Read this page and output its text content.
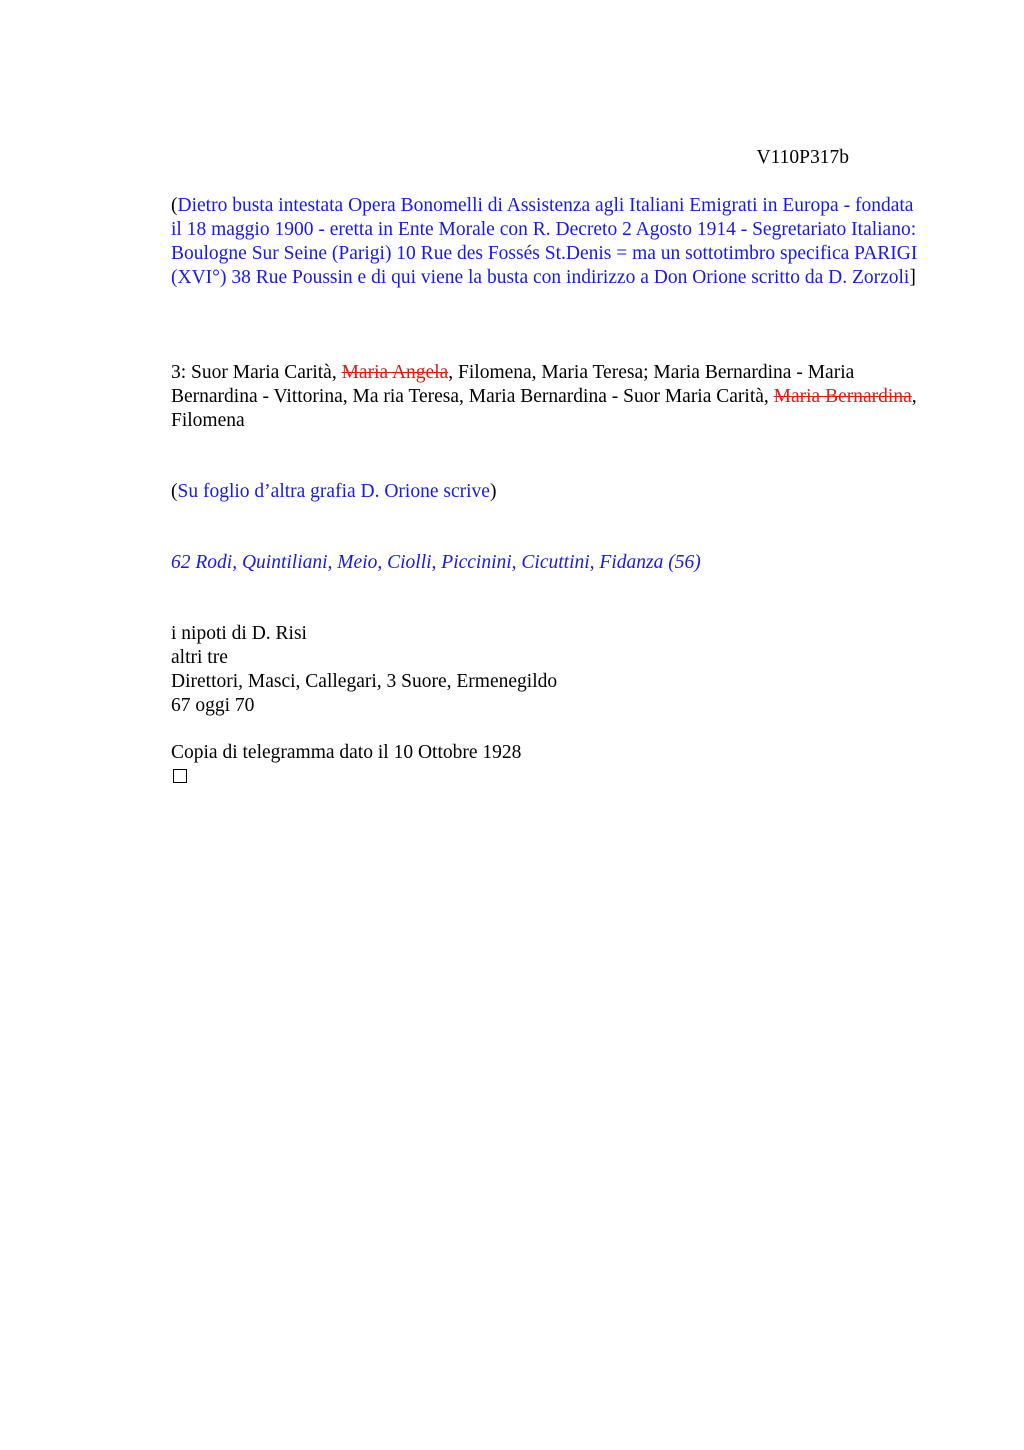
V110P317b

(Dietro busta intestata Opera Bonomelli di Assistenza agli Italiani Emigrati in Europa - fondata il 18 maggio 1900 - eretta in Ente Morale con R. Decreto 2 Agosto 1914 - Segretariato Italiano: Boulogne Sur Seine (Parigi) 10 Rue des Fossés St.Denis = ma un sottotimbro specifica PARIGI (XVI°) 38 Rue Poussin e di qui viene la busta con indirizzo a Don Orione scritto da D. Zorzoli]

3: Suor Maria Carità, Maria Angela, Filomena, Maria Teresa; Maria Bernardina - Maria Bernardina - Vittorina, Ma ria Teresa, Maria Bernardina - Suor Maria Carità, Maria Bernardina, Filomena

(Su foglio d’altra grafia D. Orione scrive)

62 Rodi, Quintiliani, Meio, Ciolli, Piccinini, Cicuttini, Fidanza (56)

i nipoti di D. Risi
altri tre
Direttori, Masci, Callegari, 3 Suore, Ermenegildo
67 oggi 70
Copia di telegramma dato il 10 Ottobre 1928
